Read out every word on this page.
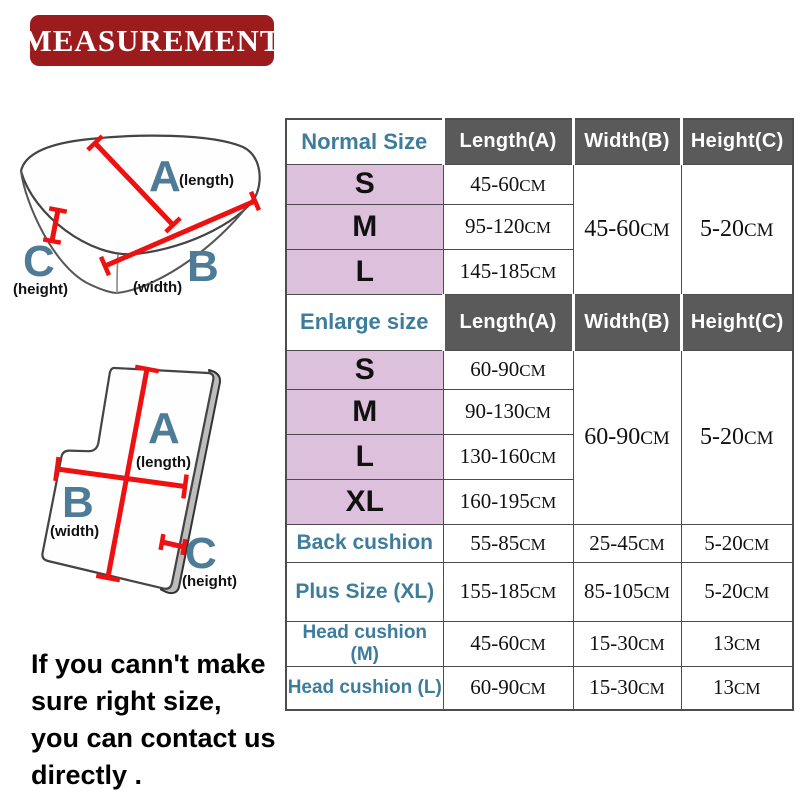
MEASUREMENT
A
(length)
B
(width)
C
(height)
A
(length)
B
(width) C
(height)
Normal Size	Length(A)	Width(B)	Height(C)
S	45-60CM	45-60CM	5-20CM
M	95-120CM		
L	145-185CM		
Enlarge size	Length(A)	Width(B)	Height(C)
S	60-90CM	60-90CM	5-20CM
M	90-130CM		
L	130-160CM		
XL	160-195CM		
Back cushion	55-85CM	25-45CM	5-20CM
Plus Size (XL)	155-185CM	85-105CM	5-20CM
Head cushion (M)	45-60CM	15-30CM	13CM
Head cushion (L)	60-90CM	15-30CM	13CM
If you cann't make
sure right size,
you can contact us
directly .
